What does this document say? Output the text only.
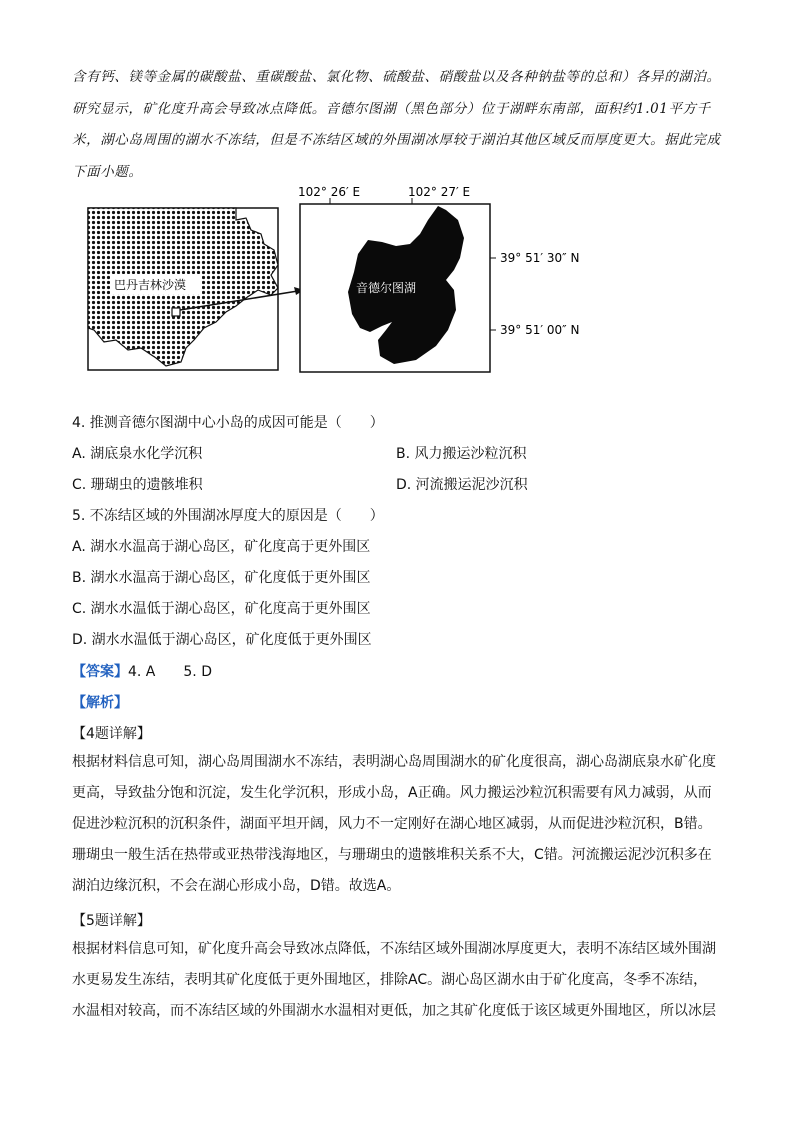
含有钙、镁等金属的碳酸盐、重碳酸盐、氯化物、硫酸盐、硝酸盐以及各种钠盐等的总和）各异的湖泊。

研究显示，矿化度升高会导致冰点降低。音德尔图湖（黑色部分）位于湖畔东南部，面积约1.01平方千

米，湖心岛周围的湖水不冻结，但是不冻结区域的外围湖冰厚较于湖泊其他区域反而厚度更大。据此完成

下面小题。

巴丹吉林沙漠	音德尔图湖
102° 26′ E	102° 27′ E
39° 51′ 30″ N
39° 51′ 00″ N
4. 推测音德尔图湖中心小岛的成因可能是（　　）
A. 湖底泉水化学沉积	B. 风力搬运沙粒沉积
C. 珊瑚虫的遗骸堆积	D. 河流搬运泥沙沉积
5. 不冻结区域的外围湖冰厚度大的原因是（　　）
A. 湖水水温高于湖心岛区，矿化度高于更外围区
B. 湖水水温高于湖心岛区，矿化度低于更外围区
C. 湖水水温低于湖心岛区，矿化度高于更外围区
D. 湖水水温低于湖心岛区，矿化度低于更外围区
【答案】4. A　　5. D
【解析】
【4题详解】

根据材料信息可知，湖心岛周围湖水不冻结，表明湖心岛周围湖水的矿化度很高，湖心岛湖底泉水矿化度

更高，导致盐分饱和沉淀，发生化学沉积，形成小岛，A正确。风力搬运沙粒沉积需要有风力减弱，从而

促进沙粒沉积的沉积条件，湖面平坦开阔，风力不一定刚好在湖心地区减弱，从而促进沙粒沉积，B错。

珊瑚虫一般生活在热带或亚热带浅海地区，与珊瑚虫的遗骸堆积关系不大，C错。河流搬运泥沙沉积多在

湖泊边缘沉积，不会在湖心形成小岛，D错。故选A。

【5题详解】

根据材料信息可知，矿化度升高会导致冰点降低，不冻结区域外围湖冰厚度更大，表明不冻结区域外围湖

水更易发生冻结，表明其矿化度低于更外围地区，排除AC。湖心岛区湖水由于矿化度高，冬季不冻结，

水温相对较高，而不冻结区域的外围湖水水温相对更低，加之其矿化度低于该区域更外围地区，所以冰层
